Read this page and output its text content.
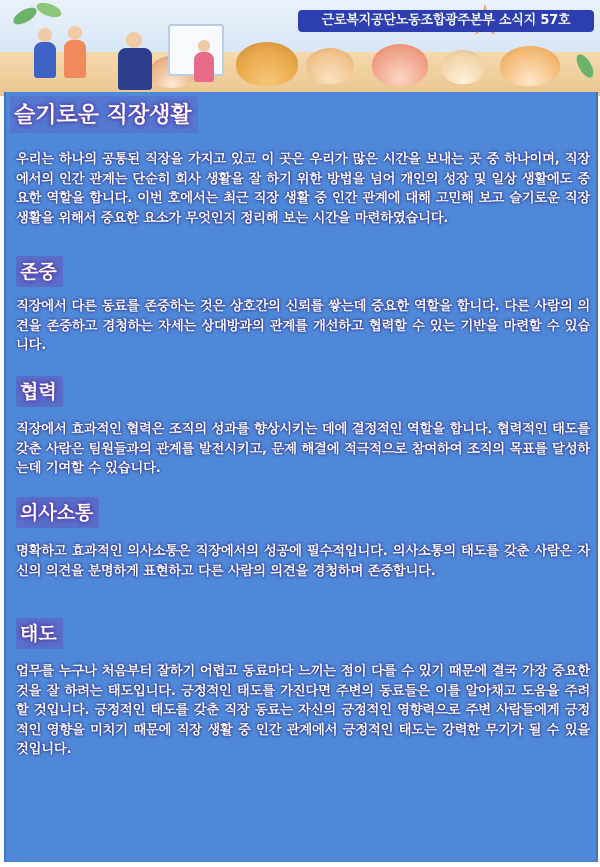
근로복지공단노동조합광주본부 소식지 57호
슬기로운 직장생활

우리는 하나의 공통된 직장을 가지고 있고 이 곳은 우리가 많은 시간을 보내는 곳 중 하나이며, 직장에서의 인간 관계는 단순히 회사 생활을 잘 하기 위한 방법을 넘어 개인의 성장 및 일상 생활에도 중요한 역할을 합니다. 이번 호에서는 최근 직장 생활 중 인간 관계에 대해 고민해 보고 슬기로운 직장 생활을 위해서 중요한 요소가 무엇인지 정리해 보는 시간을 마련하였습니다.

존중

직장에서 다른 동료를 존중하는 것은 상호간의 신뢰를 쌓는데 중요한 역할을 합니다. 다른 사람의 의견을 존중하고 경청하는 자세는 상대방과의 관계를 개선하고 협력할 수 있는 기반을 마련할 수 있습니다.

협력

직장에서 효과적인 협력은 조직의 성과를 향상시키는 데에 결정적인 역할을 합니다. 협력적인 태도를 갖춘 사람은 팀원들과의 관계를 발전시키고, 문제 해결에 적극적으로 참여하여 조직의 목표를 달성하는데 기여할 수 있습니다.

의사소통

명확하고 효과적인 의사소통은 직장에서의 성공에 필수적입니다. 의사소통의 태도를 갖춘 사람은 자신의 의견을 분명하게 표현하고 다른 사람의 의견을 경청하며 존중합니다.

태도

업무를 누구나 처음부터 잘하기 어렵고 동료마다 느끼는 점이 다를 수 있기 때문에 결국 가장 중요한 것을 잘 하려는 태도입니다. 긍정적인 태도를 가진다면 주변의 동료들은 이를 알아채고 도움을 주려 할 것입니다. 긍정적인 태도를 갖춘 직장 동료는 자신의 긍정적인 영향력으로 주변 사람들에게 긍정적인 영향을 미치기 때문에 직장 생활 중 인간 관계에서 긍정적인 태도는 강력한 무기가 될 수 있을 것입니다.
